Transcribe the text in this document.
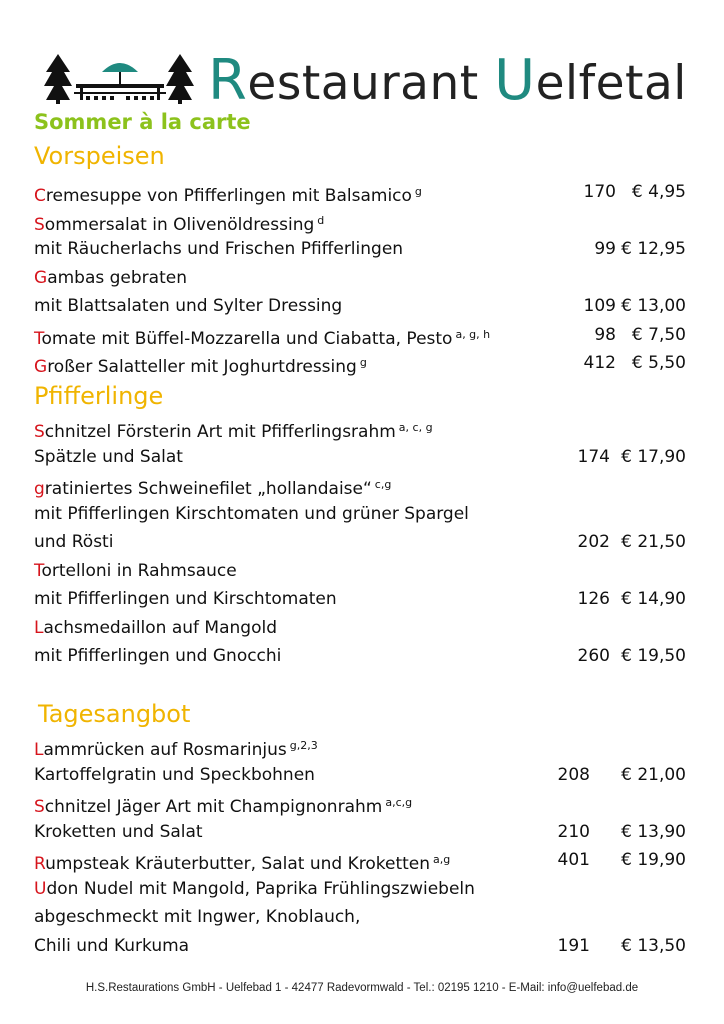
Restaurant Uelfetal
Sommer à la carte
Vorspeisen
Cremesuppe von Pfifferlingen mit Balsamico $^g$	170 € 4,95
Sommersalat in Olivenöldressing $^d$
mit Räucherlachs und Frischen Pfifferlingen	99 € 12,95
Gambas gebraten
mit Blattsalaten und Sylter Dressing	109 € 13,00
Tomate mit Büffel-Mozzarella und Ciabatta, Pesto $^{a, g, h}$	98 € 7,50
Großer Salatteller mit Joghurtdressing $^g$	412 € 5,50
Pfifferlinge
Schnitzel Försterin Art mit Pfifferlingsrahm $^{a, c, g}$
Spätzle und Salat	174 € 17,90
gratiniertes Schweinefilet „hollandaise“ $^{c,g}$
mit Pfifferlingen Kirschtomaten und grüner Spargel
und Rösti	202 € 21,50
Tortelloni in Rahmsauce
mit Pfifferlingen und Kirschtomaten	126 € 14,90
Lachsmedaillon auf Mangold
mit Pfifferlingen und Gnocchi	260 € 19,50
Tagesangbot
Lammrücken auf Rosmarinjus $^{g,2,3}$
Kartoffelgratin und Speckbohnen	208 € 21,00
Schnitzel Jäger Art mit Champignonrahm $^{a,c,g}$
Kroketten und Salat	210 € 13,90
Rumpsteak Kräuterbutter, Salat und Kroketten $^{a,g}$	401 € 19,90
Udon Nudel mit Mangold, Paprika Frühlingszwiebeln
abgeschmeckt mit Ingwer, Knoblauch,
Chili und Kurkuma	191 € 13,50
H.S.Restaurations GmbH - Uelfebad 1 - 42477 Radevormwald - Tel.: 02195 1210 - E-Mail: info@uelfebad.de
